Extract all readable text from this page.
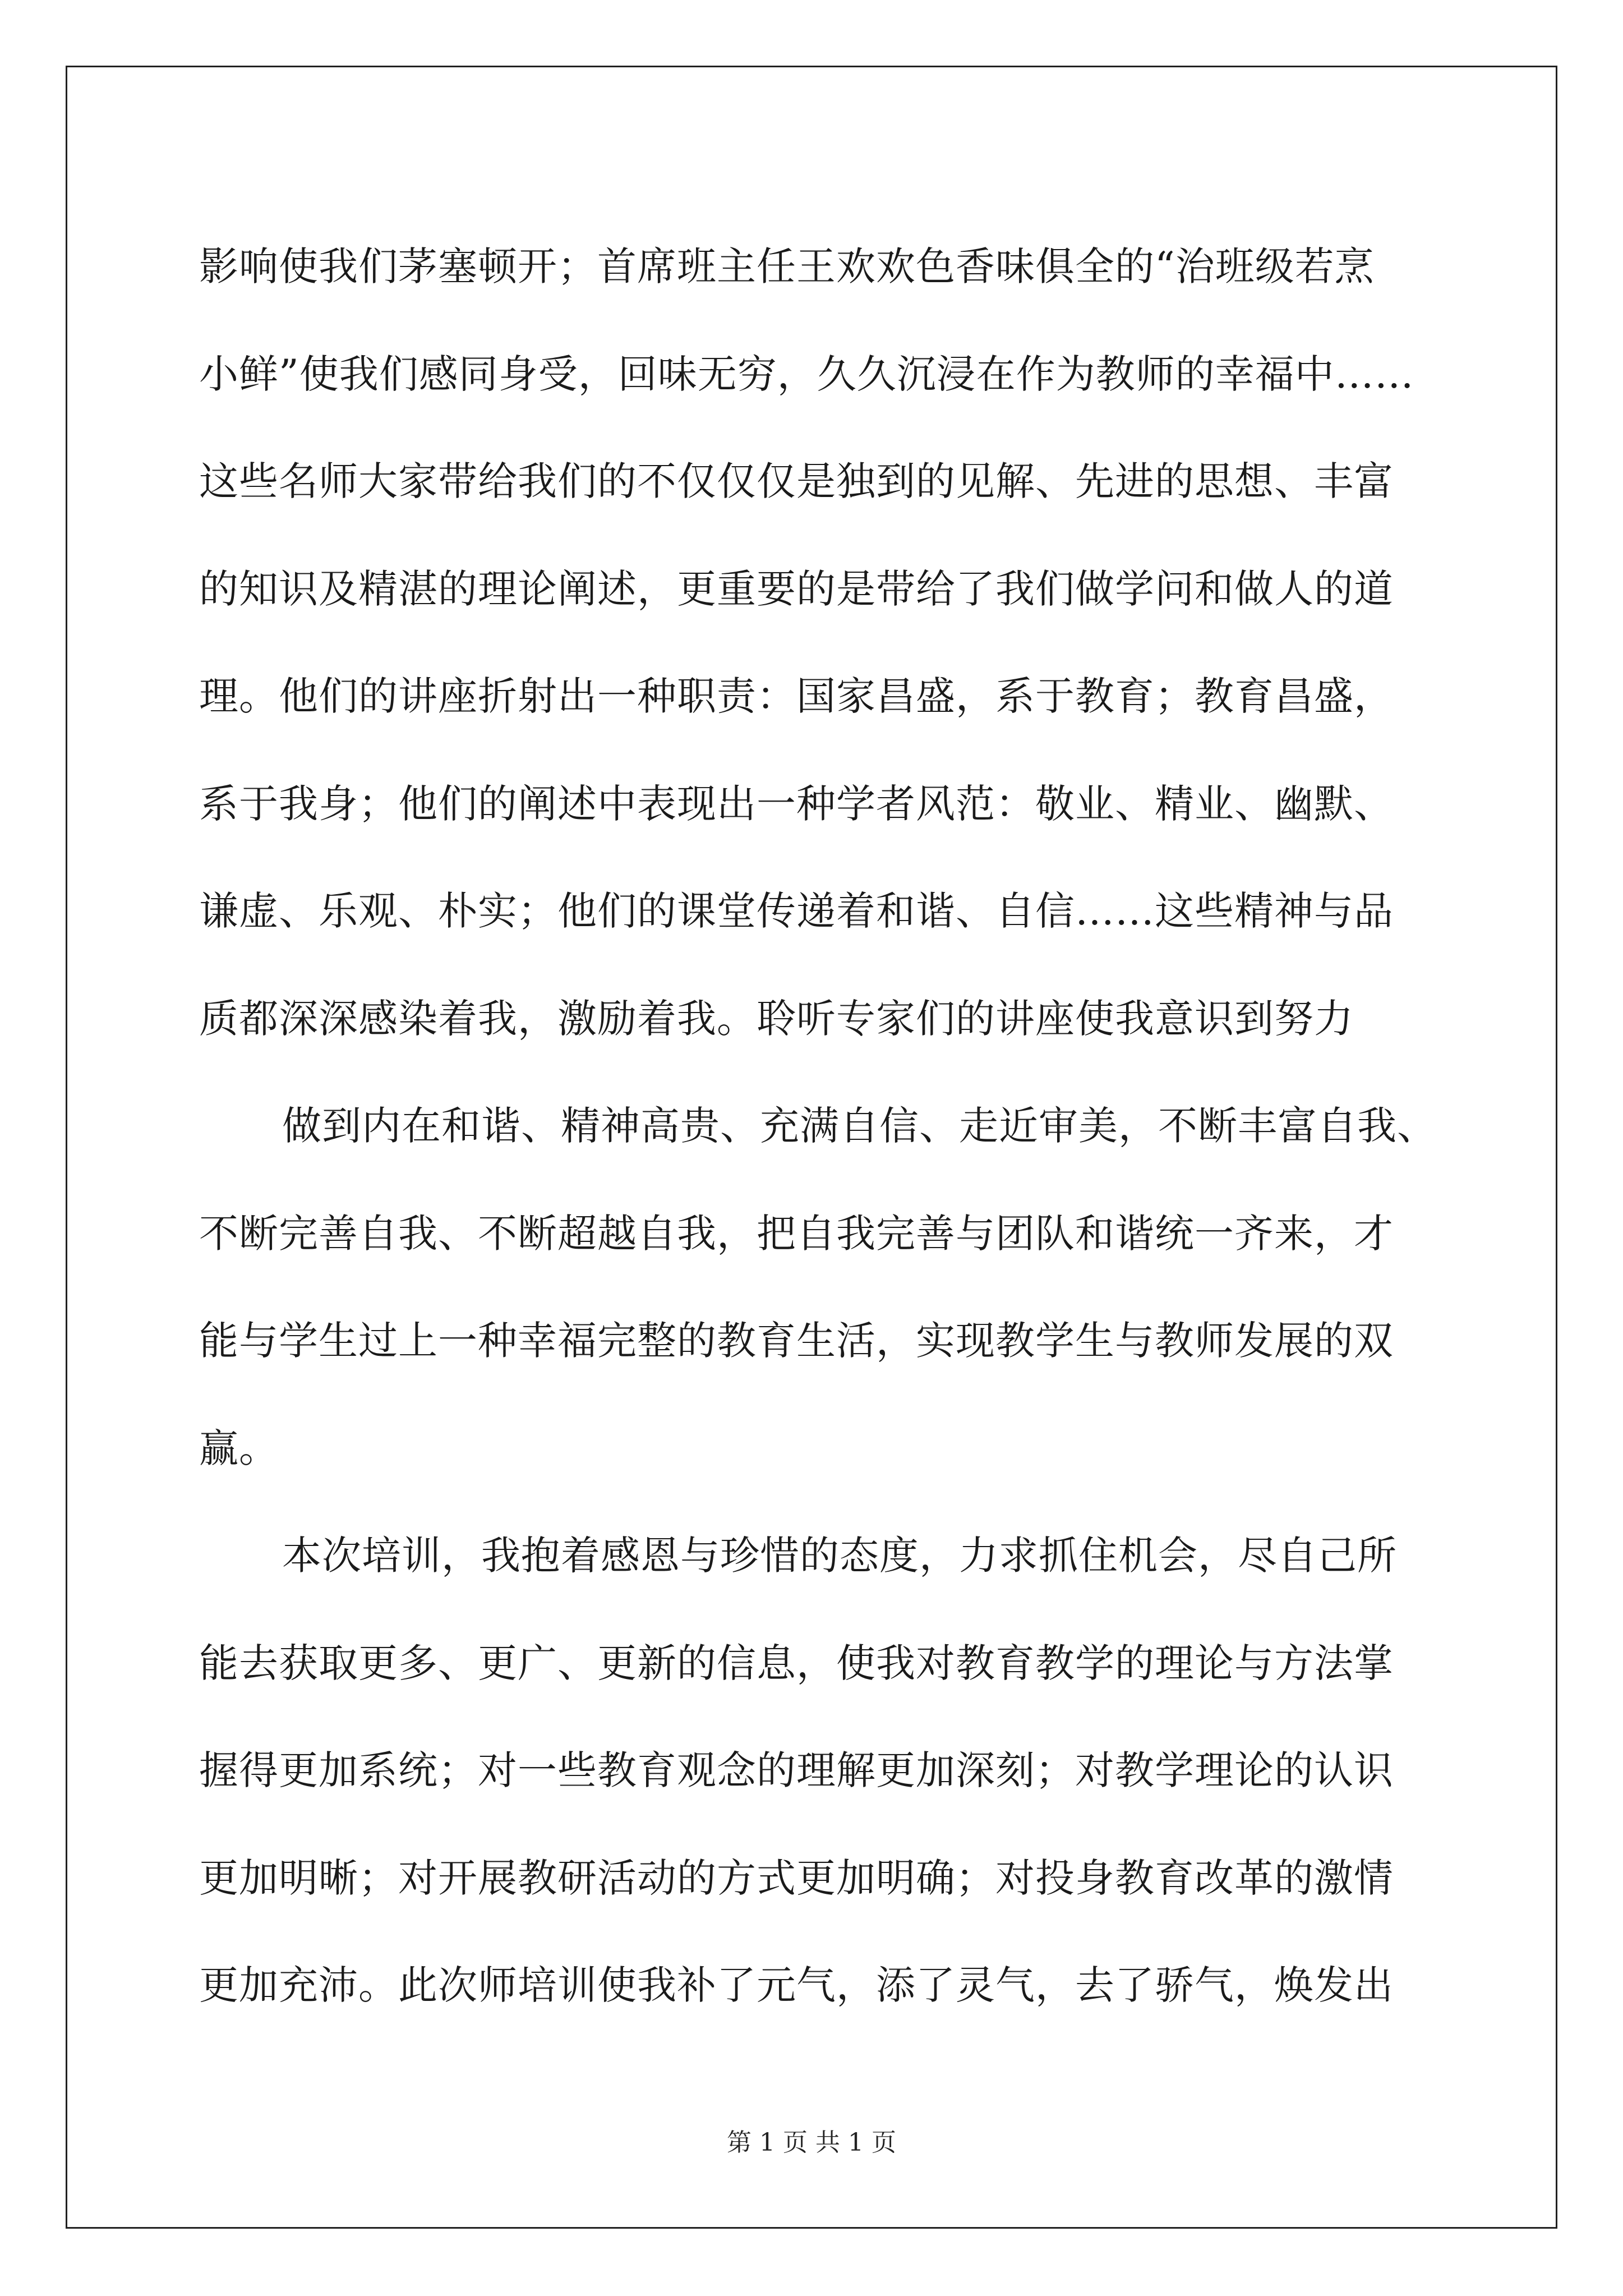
影响使我们茅塞顿开；首席班主任王欢欢色香味俱全的“治班级若烹
小鲜”使我们感同身受，回味无穷，久久沉浸在作为教师的幸福中……
这些名师大家带给我们的不仅仅仅是独到的见解、先进的思想、丰富
的知识及精湛的理论阐述，更重要的是带给了我们做学问和做人的道
理。他们的讲座折射出一种职责：国家昌盛，系于教育；教育昌盛，
系于我身；他们的阐述中表现出一种学者风范：敬业、精业、幽默、
谦虚、乐观、朴实；他们的课堂传递着和谐、自信……这些精神与品
质都深深感染着我，激励着我。聆听专家们的讲座使我意识到努力
做到内在和谐、精神高贵、充满自信、走近审美，不断丰富自我、
不断完善自我、不断超越自我，把自我完善与团队和谐统一齐来，才
能与学生过上一种幸福完整的教育生活，实现教学生与教师发展的双
赢。
本次培训，我抱着感恩与珍惜的态度，力求抓住机会，尽自己所
能去获取更多、更广、更新的信息，使我对教育教学的理论与方法掌
握得更加系统；对一些教育观念的理解更加深刻；对教学理论的认识
更加明晰；对开展教研活动的方式更加明确；对投身教育改革的激情
更加充沛。此次师培训使我补了元气，添了灵气，去了骄气，焕发出
第 1 页 共 1 页
